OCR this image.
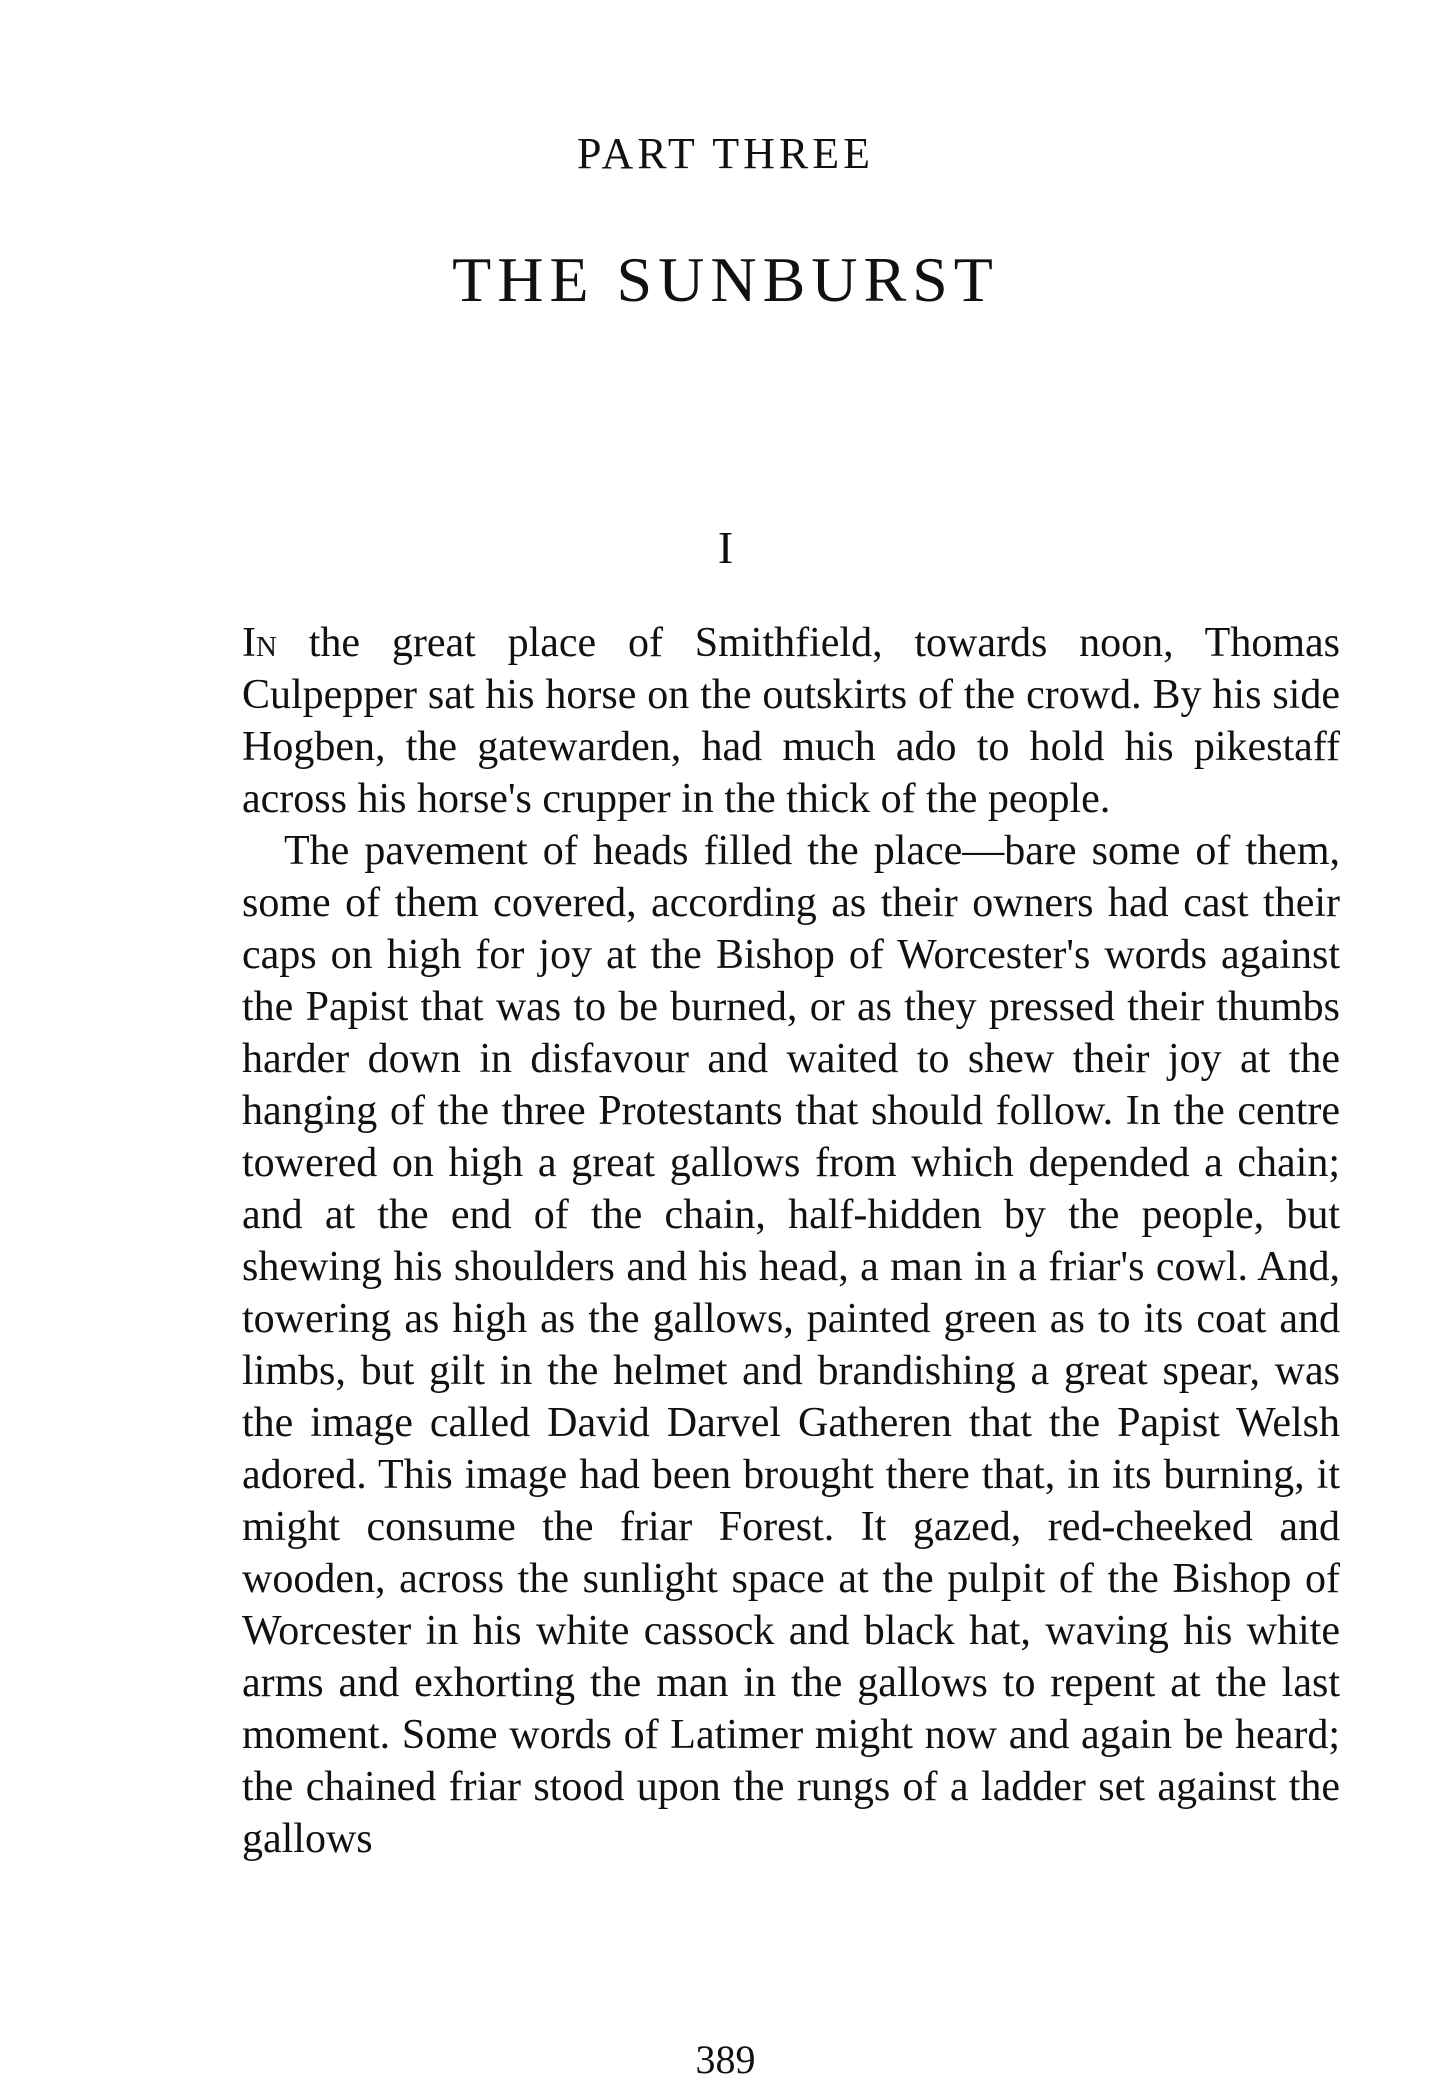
PART THREE
THE SUNBURST
I

In the great place of Smithfield, towards noon, Thomas Culpepper sat his horse on the outskirts of the crowd. By his side Hogben, the gatewarden, had much ado to hold his pikestaff across his horse's crupper in the thick of the people.

The pavement of heads filled the place—bare some of them, some of them covered, according as their owners had cast their caps on high for joy at the Bishop of Worcester's words against the Papist that was to be burned, or as they pressed their thumbs harder down in disfavour and waited to shew their joy at the hanging of the three Protestants that should follow. In the centre towered on high a great gallows from which depended a chain; and at the end of the chain, half-hidden by the people, but shewing his shoulders and his head, a man in a friar's cowl. And, towering as high as the gallows, painted green as to its coat and limbs, but gilt in the helmet and brandishing a great spear, was the image called David Darvel Gatheren that the Papist Welsh adored. This image had been brought there that, in its burning, it might consume the friar Forest. It gazed, red-cheeked and wooden, across the sunlight space at the pulpit of the Bishop of Worcester in his white cassock and black hat, waving his white arms and exhorting the man in the gallows to repent at the last moment. Some words of Latimer might now and again be heard; the chained friar stood upon the rungs of a ladder set against the gallows

389
